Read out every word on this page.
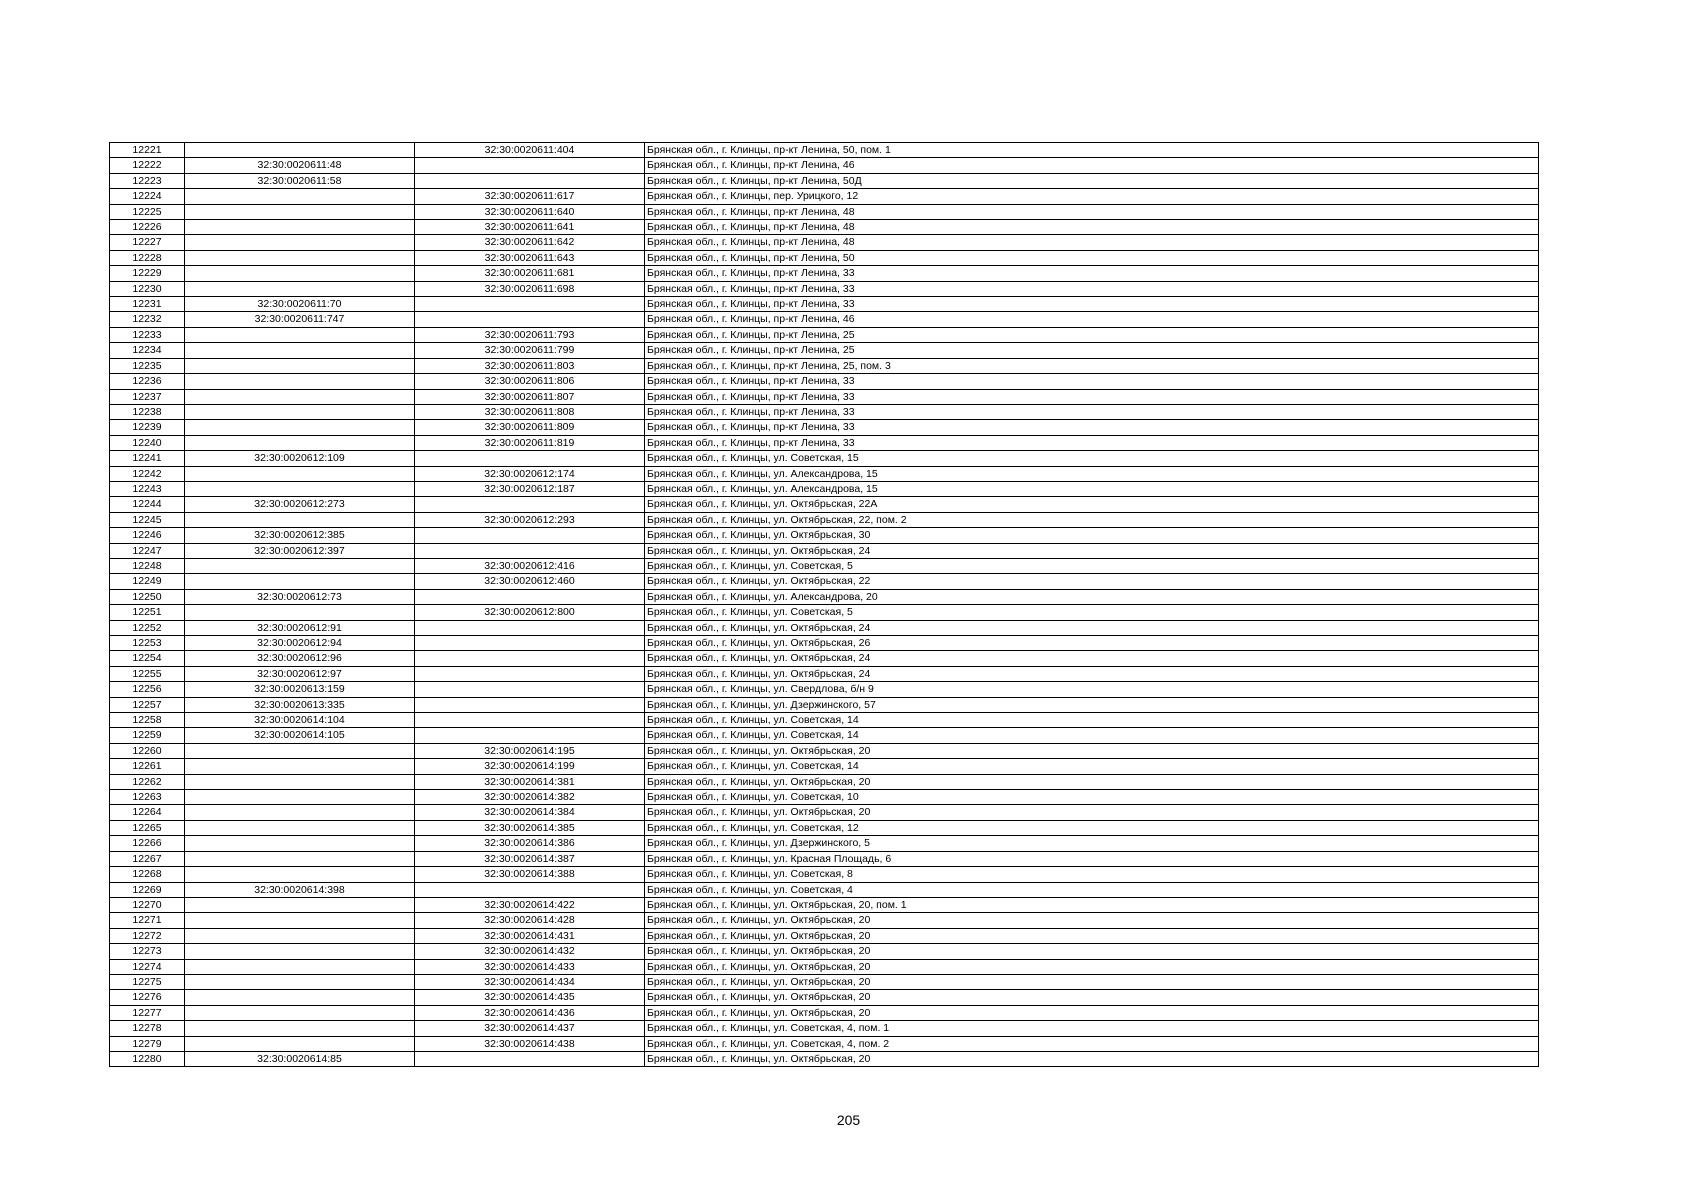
12221		32:30:0020611:404	Брянская обл., г. Клинцы, пр-кт Ленина, 50, пом. 1
12222	32:30:0020611:48		Брянская обл., г. Клинцы, пр-кт Ленина, 46
12223	32:30:0020611:58		Брянская обл., г. Клинцы, пр-кт Ленина, 50Д
12224		32:30:0020611:617	Брянская обл., г. Клинцы, пер. Урицкого, 12
12225		32:30:0020611:640	Брянская обл., г. Клинцы, пр-кт Ленина, 48
12226		32:30:0020611:641	Брянская обл., г. Клинцы, пр-кт Ленина, 48
12227		32:30:0020611:642	Брянская обл., г. Клинцы, пр-кт Ленина, 48
12228		32:30:0020611:643	Брянская обл., г. Клинцы, пр-кт Ленина, 50
12229		32:30:0020611:681	Брянская обл., г. Клинцы, пр-кт Ленина, 33
12230		32:30:0020611:698	Брянская обл., г. Клинцы, пр-кт Ленина, 33
12231	32:30:0020611:70		Брянская обл., г. Клинцы, пр-кт Ленина, 33
12232	32:30:0020611:747		Брянская обл., г. Клинцы, пр-кт Ленина, 46
12233		32:30:0020611:793	Брянская обл., г. Клинцы, пр-кт Ленина, 25
12234		32:30:0020611:799	Брянская обл., г. Клинцы, пр-кт Ленина, 25
12235		32:30:0020611:803	Брянская обл., г. Клинцы, пр-кт Ленина, 25, пом. 3
12236		32:30:0020611:806	Брянская обл., г. Клинцы, пр-кт Ленина, 33
12237		32:30:0020611:807	Брянская обл., г. Клинцы, пр-кт Ленина, 33
12238		32:30:0020611:808	Брянская обл., г. Клинцы, пр-кт Ленина, 33
12239		32:30:0020611:809	Брянская обл., г. Клинцы, пр-кт Ленина, 33
12240		32:30:0020611:819	Брянская обл., г. Клинцы, пр-кт Ленина, 33
12241	32:30:0020612:109		Брянская обл., г. Клинцы, ул. Советская, 15
12242		32:30:0020612:174	Брянская обл., г. Клинцы, ул. Александрова, 15
12243		32:30:0020612:187	Брянская обл., г. Клинцы, ул. Александрова, 15
12244	32:30:0020612:273		Брянская обл., г. Клинцы, ул. Октябрьская, 22А
12245		32:30:0020612:293	Брянская обл., г. Клинцы, ул. Октябрьская, 22, пом. 2
12246	32:30:0020612:385		Брянская обл., г. Клинцы, ул. Октябрьская, 30
12247	32:30:0020612:397		Брянская обл., г. Клинцы, ул. Октябрьская, 24
12248		32:30:0020612:416	Брянская обл., г. Клинцы, ул. Советская, 5
12249		32:30:0020612:460	Брянская обл., г. Клинцы, ул. Октябрьская, 22
12250	32:30:0020612:73		Брянская обл., г. Клинцы, ул. Александрова, 20
12251		32:30:0020612:800	Брянская обл., г. Клинцы, ул. Советская, 5
12252	32:30:0020612:91		Брянская обл., г. Клинцы, ул. Октябрьская, 24
12253	32:30:0020612:94		Брянская обл., г. Клинцы, ул. Октябрьская, 26
12254	32:30:0020612:96		Брянская обл., г. Клинцы, ул. Октябрьская, 24
12255	32:30:0020612:97		Брянская обл., г. Клинцы, ул. Октябрьская, 24
12256	32:30:0020613:159		Брянская обл., г. Клинцы, ул. Свердлова, б/н 9
12257	32:30:0020613:335		Брянская обл., г. Клинцы, ул. Дзержинского, 57
12258	32:30:0020614:104		Брянская обл., г. Клинцы, ул. Советская, 14
12259	32:30:0020614:105		Брянская обл., г. Клинцы, ул. Советская, 14
12260		32:30:0020614:195	Брянская обл., г. Клинцы, ул. Октябрьская, 20
12261		32:30:0020614:199	Брянская обл., г. Клинцы, ул. Советская, 14
12262		32:30:0020614:381	Брянская обл., г. Клинцы, ул. Октябрьская, 20
12263		32:30:0020614:382	Брянская обл., г. Клинцы, ул. Советская, 10
12264		32:30:0020614:384	Брянская обл., г. Клинцы, ул. Октябрьская, 20
12265		32:30:0020614:385	Брянская обл., г. Клинцы, ул. Советская, 12
12266		32:30:0020614:386	Брянская обл., г. Клинцы, ул. Дзержинского, 5
12267		32:30:0020614:387	Брянская обл., г. Клинцы, ул. Красная Площадь, 6
12268		32:30:0020614:388	Брянская обл., г. Клинцы, ул. Советская, 8
12269	32:30:0020614:398		Брянская обл., г. Клинцы, ул. Советская, 4
12270		32:30:0020614:422	Брянская обл., г. Клинцы, ул. Октябрьская, 20, пом. 1
12271		32:30:0020614:428	Брянская обл., г. Клинцы, ул. Октябрьская, 20
12272		32:30:0020614:431	Брянская обл., г. Клинцы, ул. Октябрьская, 20
12273		32:30:0020614:432	Брянская обл., г. Клинцы, ул. Октябрьская, 20
12274		32:30:0020614:433	Брянская обл., г. Клинцы, ул. Октябрьская, 20
12275		32:30:0020614:434	Брянская обл., г. Клинцы, ул. Октябрьская, 20
12276		32:30:0020614:435	Брянская обл., г. Клинцы, ул. Октябрьская, 20
12277		32:30:0020614:436	Брянская обл., г. Клинцы, ул. Октябрьская, 20
12278		32:30:0020614:437	Брянская обл., г. Клинцы, ул. Советская, 4, пом. 1
12279		32:30:0020614:438	Брянская обл., г. Клинцы, ул. Советская, 4, пом. 2
12280	32:30:0020614:85		Брянская обл., г. Клинцы, ул. Октябрьская, 20
205
